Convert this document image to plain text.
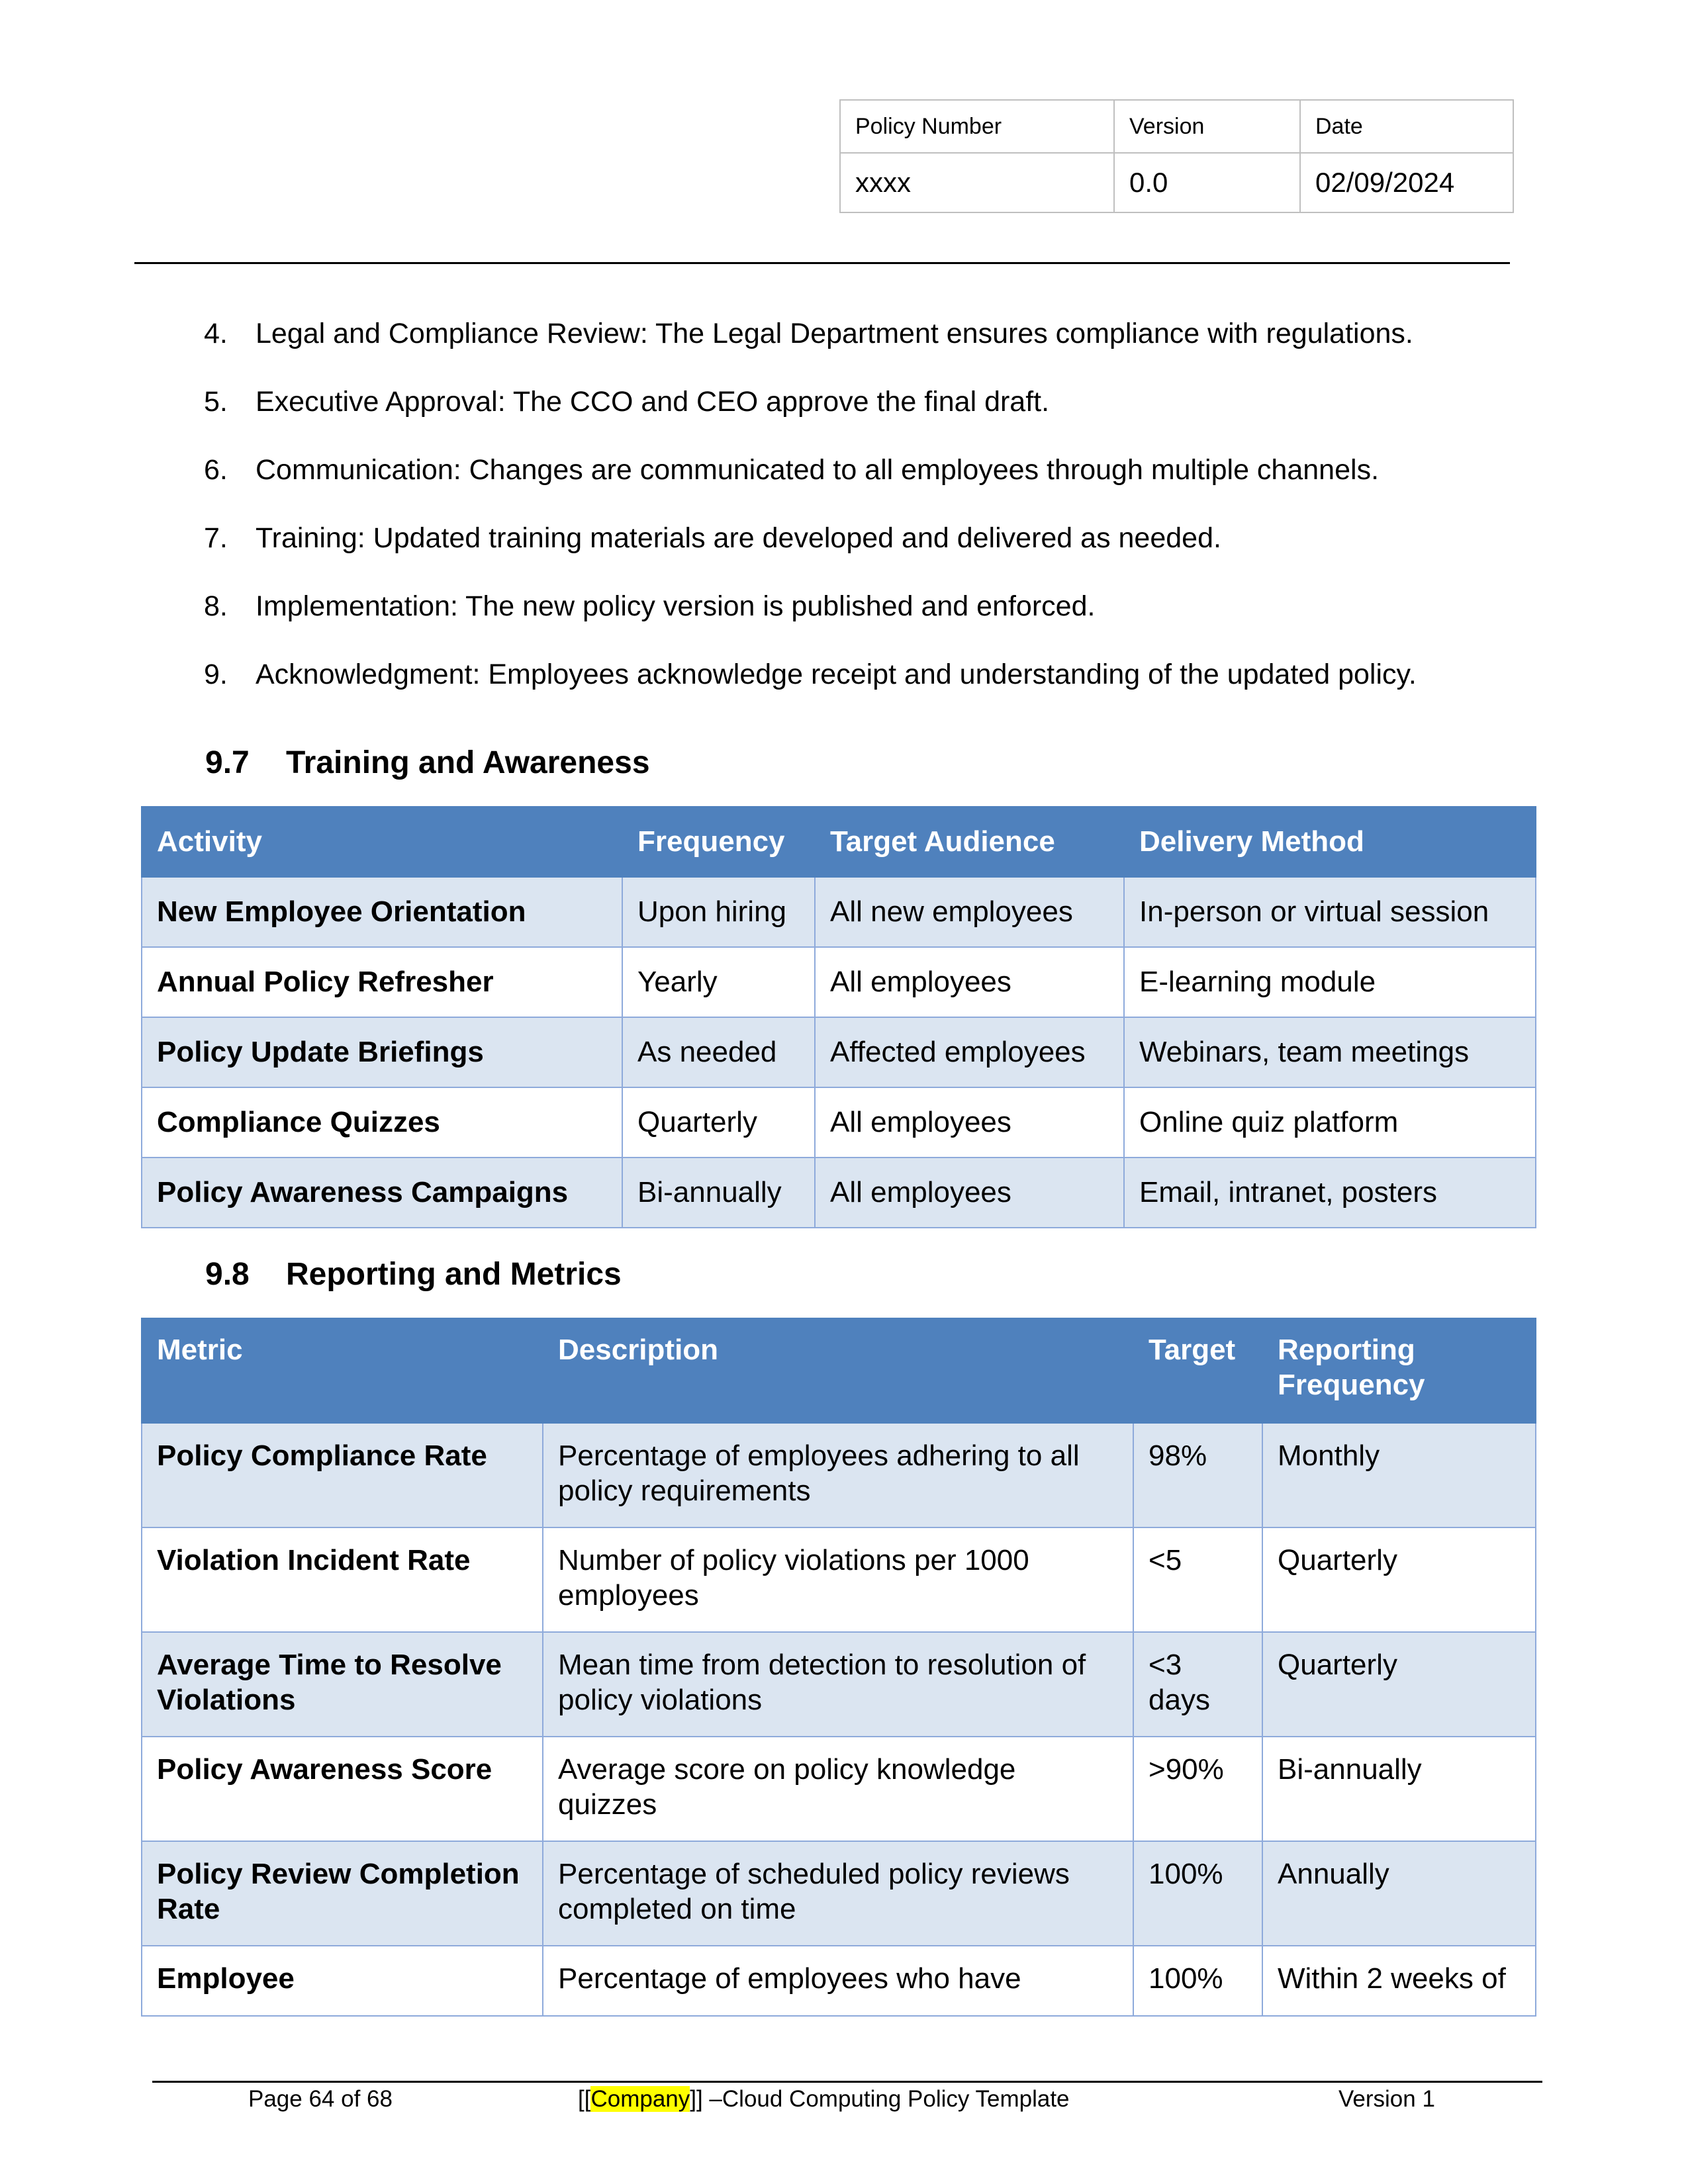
Policy Number	Version	Date
xxxx	0.0	02/09/2024
4. Legal and Compliance Review: The Legal Department ensures compliance with regulations.
5. Executive Approval: The CCO and CEO approve the final draft.
6. Communication: Changes are communicated to all employees through multiple channels.
7. Training: Updated training materials are developed and delivered as needed.
8. Implementation: The new policy version is published and enforced.
9. Acknowledgment: Employees acknowledge receipt and understanding of the updated policy.
9.7 Training and Awareness
Activity	Frequency	Target Audience	Delivery Method
New Employee Orientation	Upon hiring	All new employees	In-person or virtual session
Annual Policy Refresher	Yearly	All employees	E-learning module
Policy Update Briefings	As needed	Affected employees	Webinars, team meetings
Compliance Quizzes	Quarterly	All employees	Online quiz platform
Policy Awareness Campaigns	Bi-annually	All employees	Email, intranet, posters
9.8 Reporting and Metrics
Metric	Description	Target	Reporting Frequency
Policy Compliance Rate	Percentage of employees adhering to all policy requirements	98%	Monthly
Violation Incident Rate	Number of policy violations per 1000 employees	<5	Quarterly
Average Time to Resolve Violations	Mean time from detection to resolution of policy violations	<3 days	Quarterly
Policy Awareness Score	Average score on policy knowledge quizzes	>90%	Bi-annually
Policy Review Completion Rate	Percentage of scheduled policy reviews completed on time	100%	Annually
Employee	Percentage of employees who have	100%	Within 2 weeks of
Page 64 of 68	[[Company]] –Cloud Computing Policy Template	Version 1
